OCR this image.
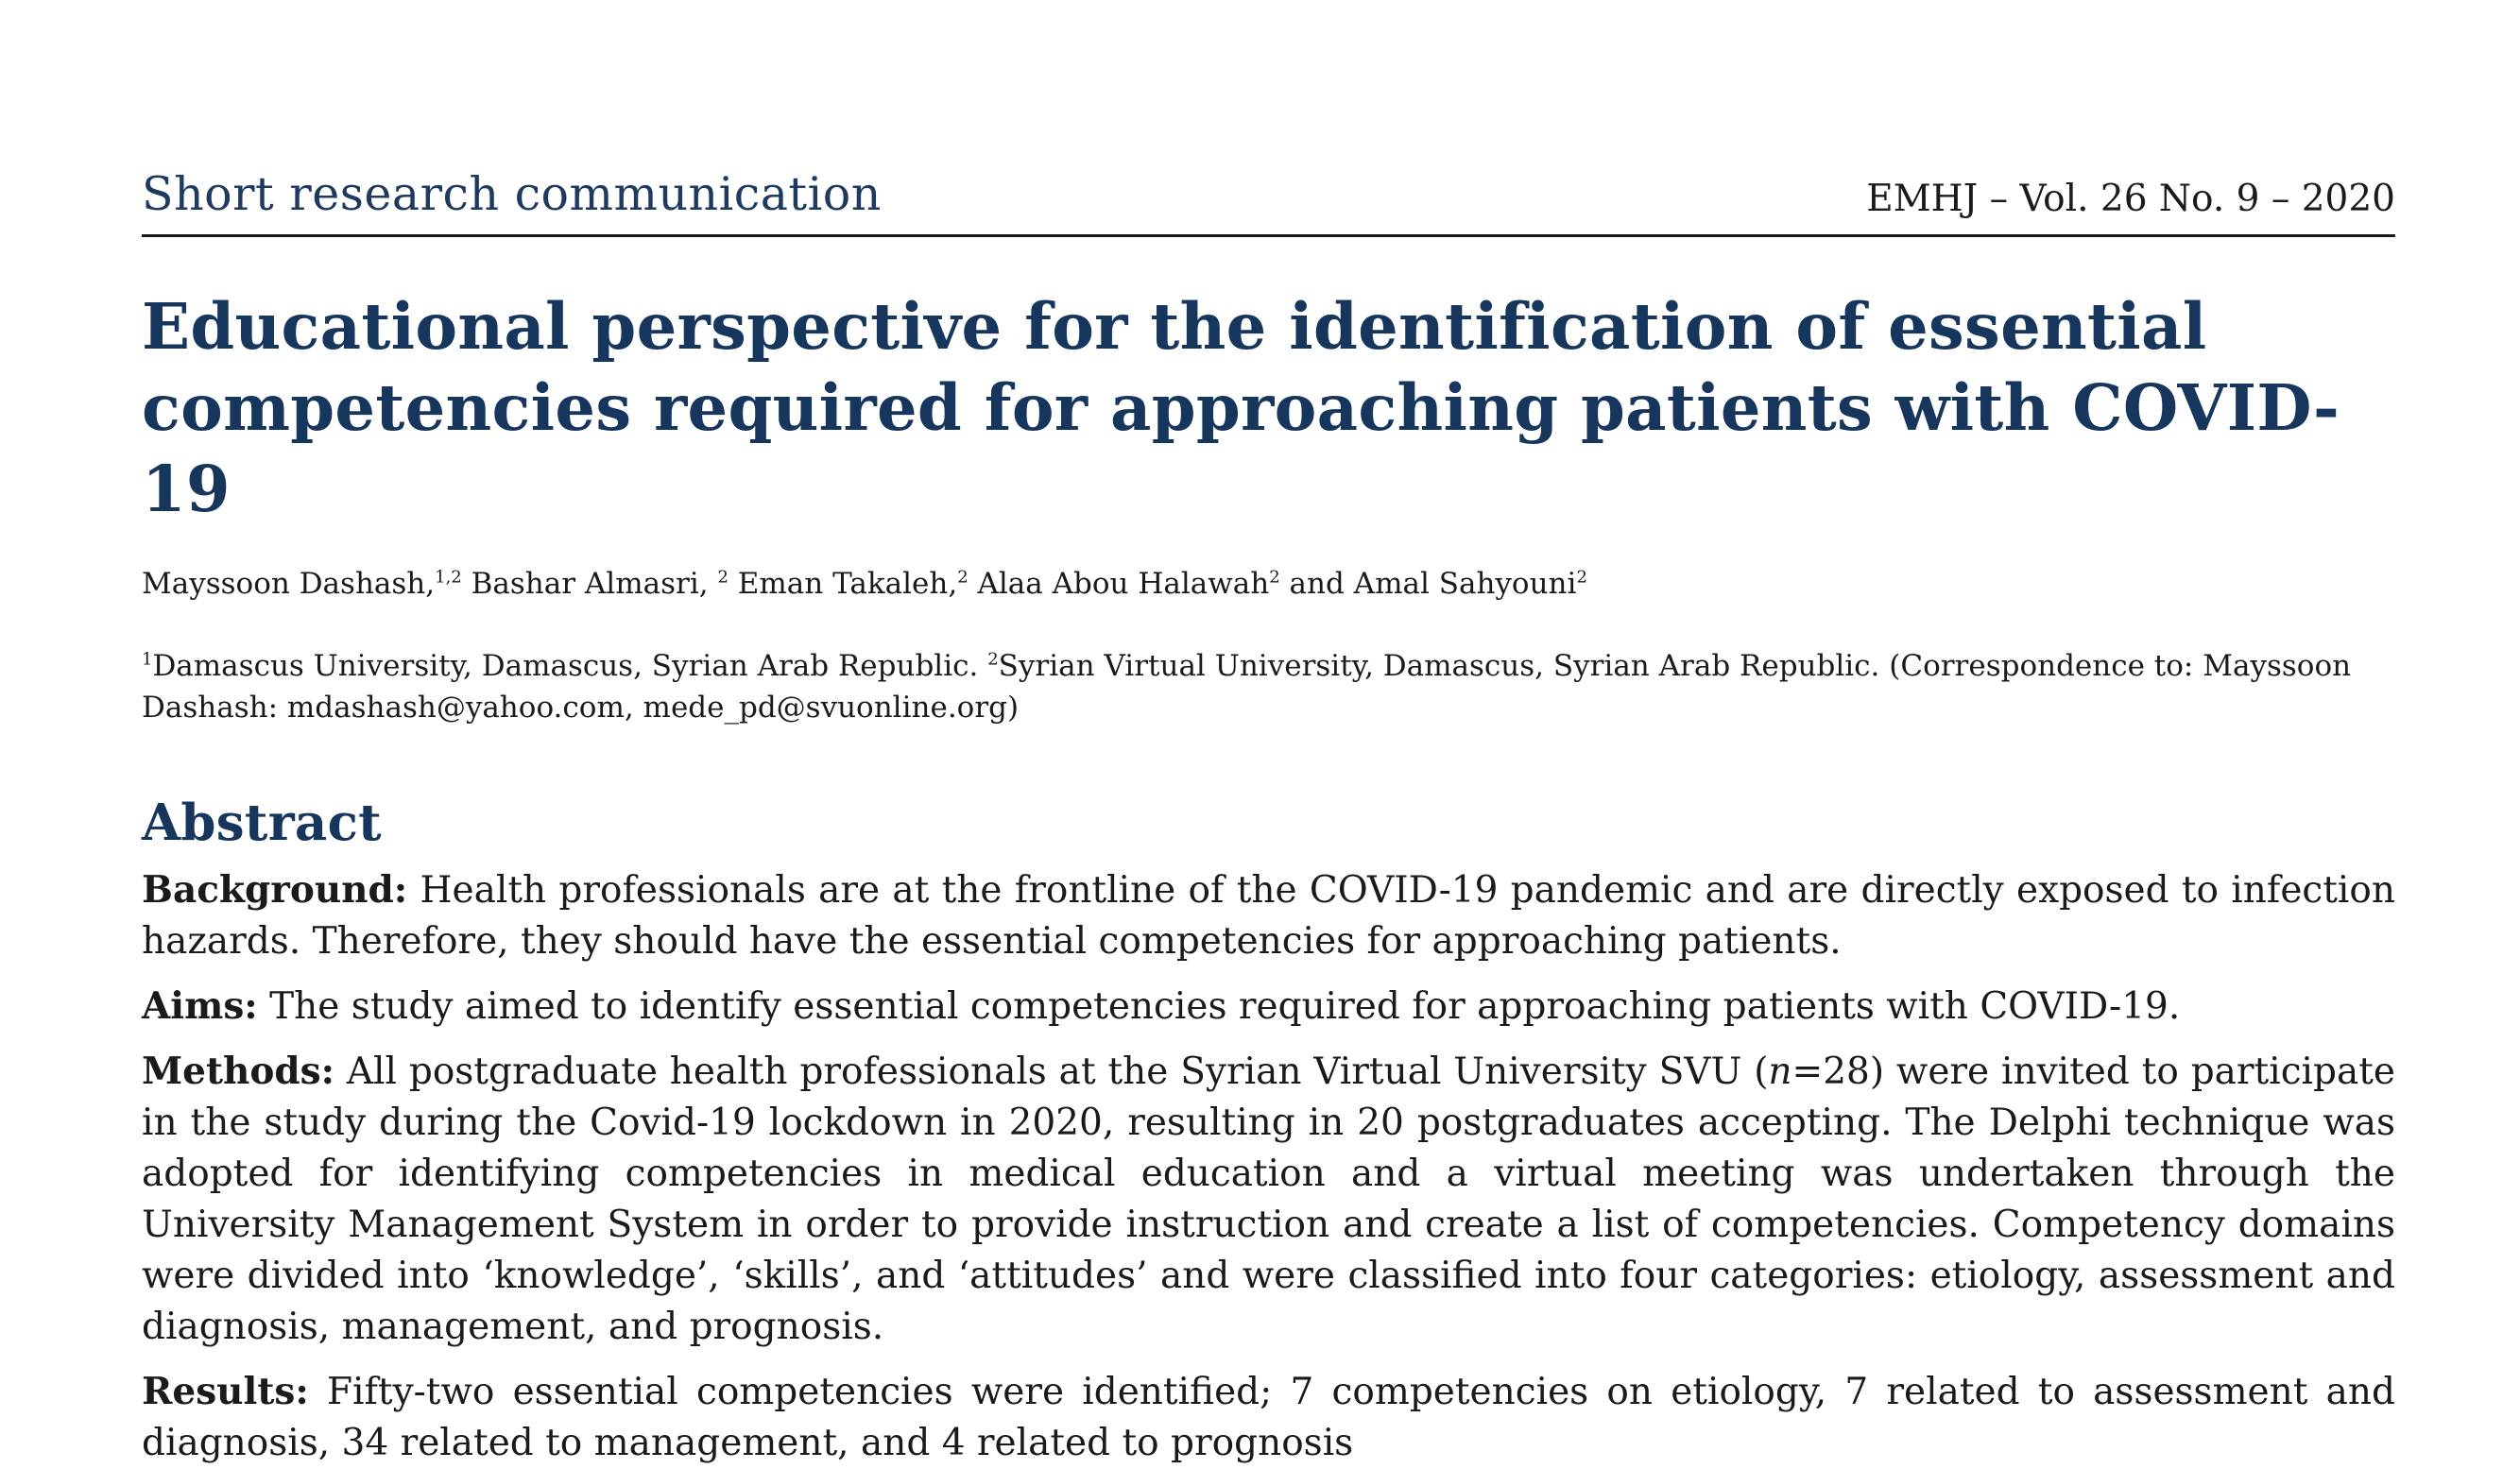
Short research communication	EMHJ – Vol. 26 No. 9 – 2020
Educational perspective for the identification of essential competencies required for approaching patients with COVID-19
Mayssoon Dashash,$^{1,2}$ Bashar Almasri, $^2$ Eman Takaleh,$^2$ Alaa Abou Halawah$^2$ and Amal Sahyouni$^2$
$^1$Damascus University, Damascus, Syrian Arab Republic. $^2$Syrian Virtual University, Damascus, Syrian Arab Republic. (Correspondence to: Mayssoon Dashash: mdashash@yahoo.com, mede_pd@svuonline.org)
Abstract
Background: Health professionals are at the frontline of the COVID-19 pandemic and are directly exposed to infection hazards. Therefore, they should have the essential competencies for approaching patients.
Aims: The study aimed to identify essential competencies required for approaching patients with COVID-19.
Methods: All postgraduate health professionals at the Syrian Virtual University SVU (n=28) were invited to participate in the study during the Covid-19 lockdown in 2020, resulting in 20 postgraduates accepting. The Delphi technique was adopted for identifying competencies in medical education and a virtual meeting was undertaken through the University Management System in order to provide instruction and create a list of competencies. Competency domains were divided into ‘knowledge’, ‘skills’, and ‘attitudes’ and were classified into four categories: etiology, assessment and diagnosis, management, and prognosis.
Results: Fifty-two essential competencies were identified; 7 competencies on etiology, 7 related to assessment and diagnosis, 34 related to management, and 4 related to prognosis
